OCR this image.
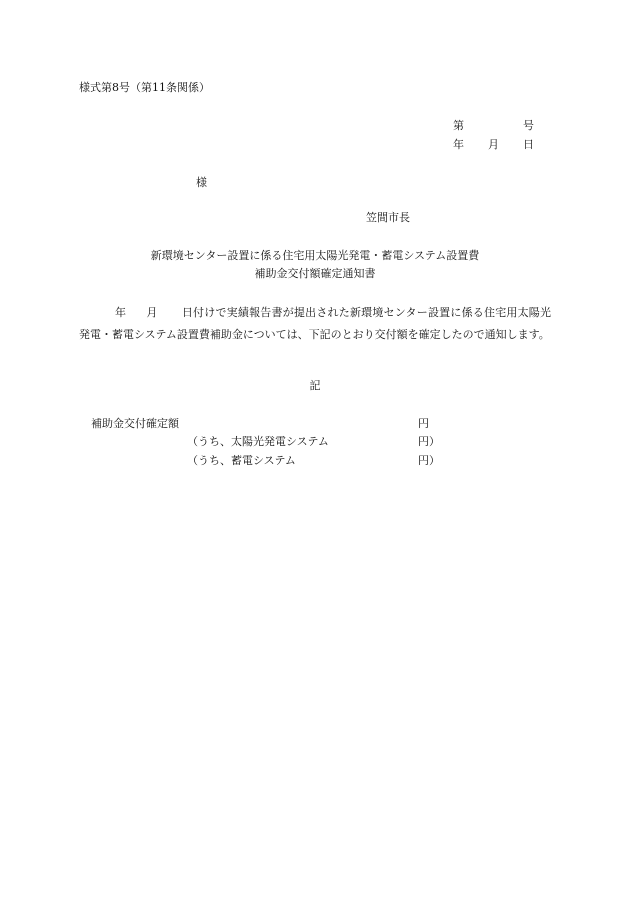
様式第8号（第11条関係）
第	号
年 月 日
様
笠間市長
新環境センター設置に係る住宅用太陽光発電・蓄電システム設置費
補助金交付額確定通知書
年 月 日付けで実績報告書が提出された新環境センター設置に係る住宅用太陽光発電・蓄電システム設置費補助金については、下記のとおり交付額を確定したので通知します。
記
補助金交付確定額	円
（うち、太陽光発電システム	円）
（うち、蓄電システム	円）
